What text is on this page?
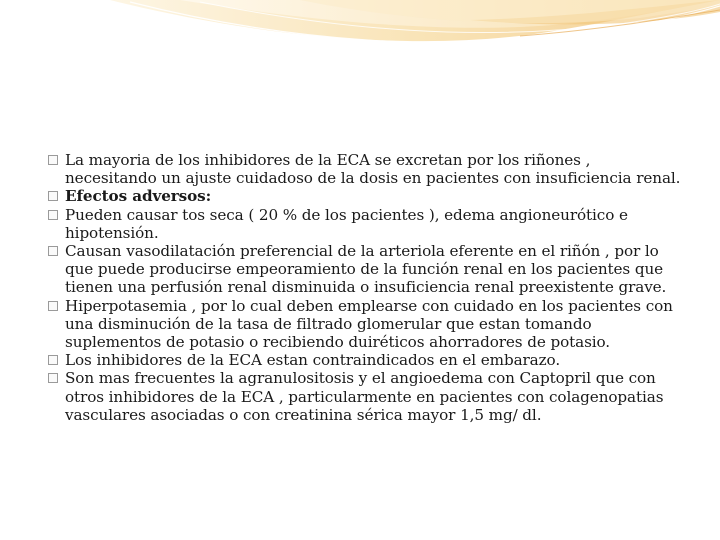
La mayoria de los inhibidores de la ECA se excretan por los riñones , necesitando un ajuste cuidadoso de la dosis en pacientes con insuficiencia renal.

Efectos adversos:

Pueden causar tos seca ( 20 % de los pacientes ), edema angioneurótico e hipotensión.

Causan vasodilatación preferencial de la arteriola eferente en el riñón , por lo que puede producirse empeoramiento de la función renal en los pacientes que tienen una perfusión renal disminuida o insuficiencia renal preexistente grave.

Hiperpotasemia , por lo cual deben emplearse con cuidado en los pacientes con una disminución de la tasa de filtrado glomerular que estan tomando suplementos de potasio o recibiendo duiréticos ahorradores de potasio.

Los inhibidores de la ECA estan contraindicados en el embarazo.

Son mas frecuentes la agranulositosis y el angioedema con Captopril que con otros inhibidores de la ECA , particularmente en pacientes con colagenopatias vasculares asociadas o con creatinina sérica mayor 1,5 mg/ dl.
